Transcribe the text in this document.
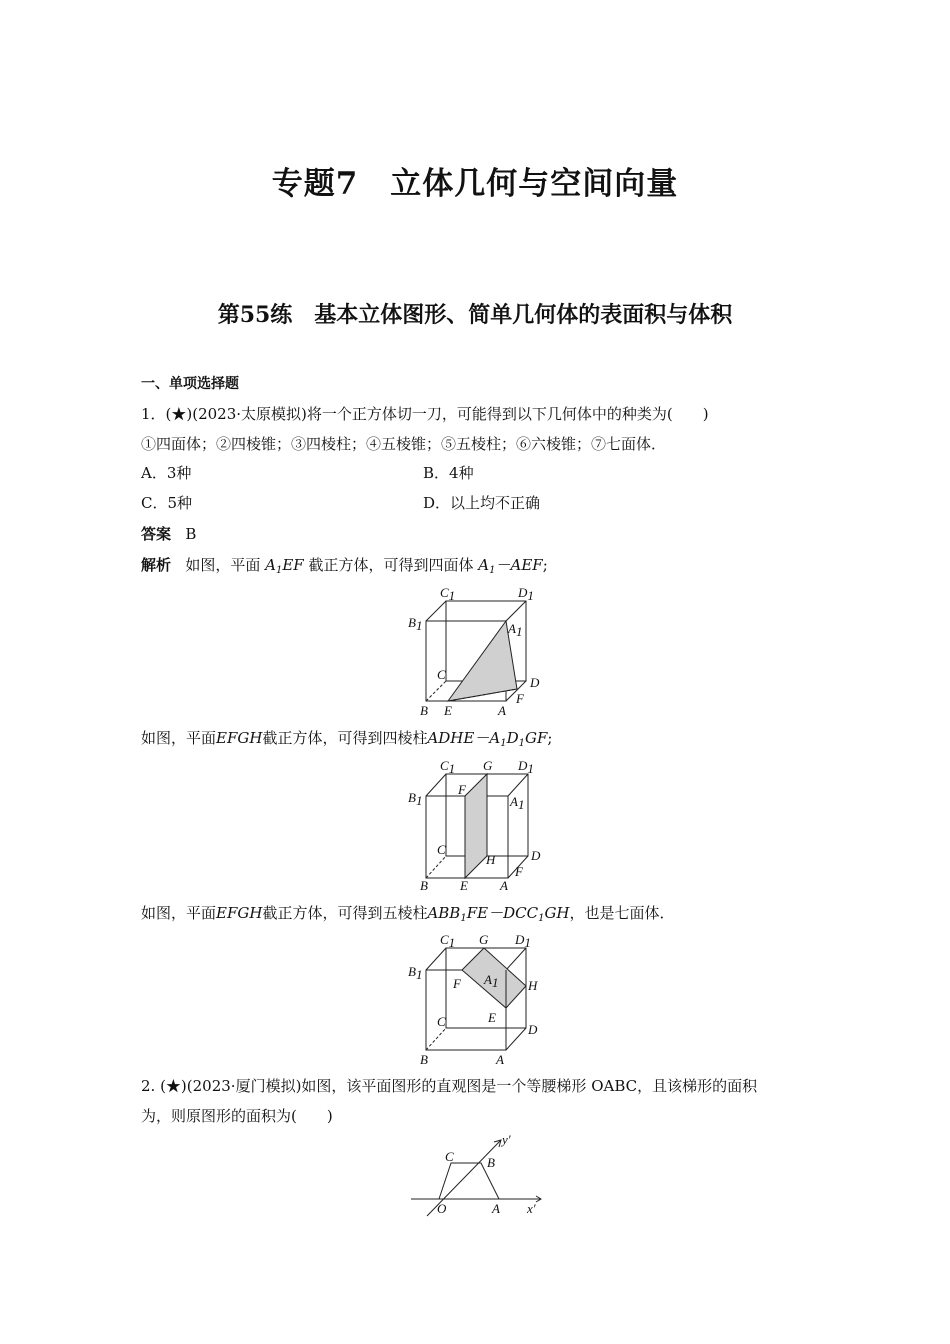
专题7　立体几何与空间向量
第55练　基本立体图形、简单几何体的表面积与体积
一、单项选择题
1．(★)(2023·太原模拟)将一个正方体切一刀，可能得到以下几何体中的种类为(　　)
①四面体；②四棱锥；③四棱柱；④五棱锥；⑤五棱柱；⑥六棱锥；⑦七面体．
A．3种	B．4种
C．5种	D．以上均不正确
答案 B
解析 如图，平面 $A_1EF$ 截正方体，可得到四面体 $A_1-AEF$;
C1	D1
B1	A1
C
D
F
B E	A
如图，平面EFGH截正方体，可得到四棱柱$ADHE-A_1D_1GF$;
C1 G D1
B1
F
A1
C
H	D
F
B E A
如图，平面EFGH截正方体，可得到五棱柱$ABB_1FE-DCC_1GH$，也是七面体．
C1 G D1
B1
F A1 H
E
C
D
B	A
2. (★)(2023·厦门模拟)如图，该平面图形的直观图是一个等腰梯形 OABC，且该梯形的面积
为，则原图形的面积为(　　)
C	B
y′
O	A x′
